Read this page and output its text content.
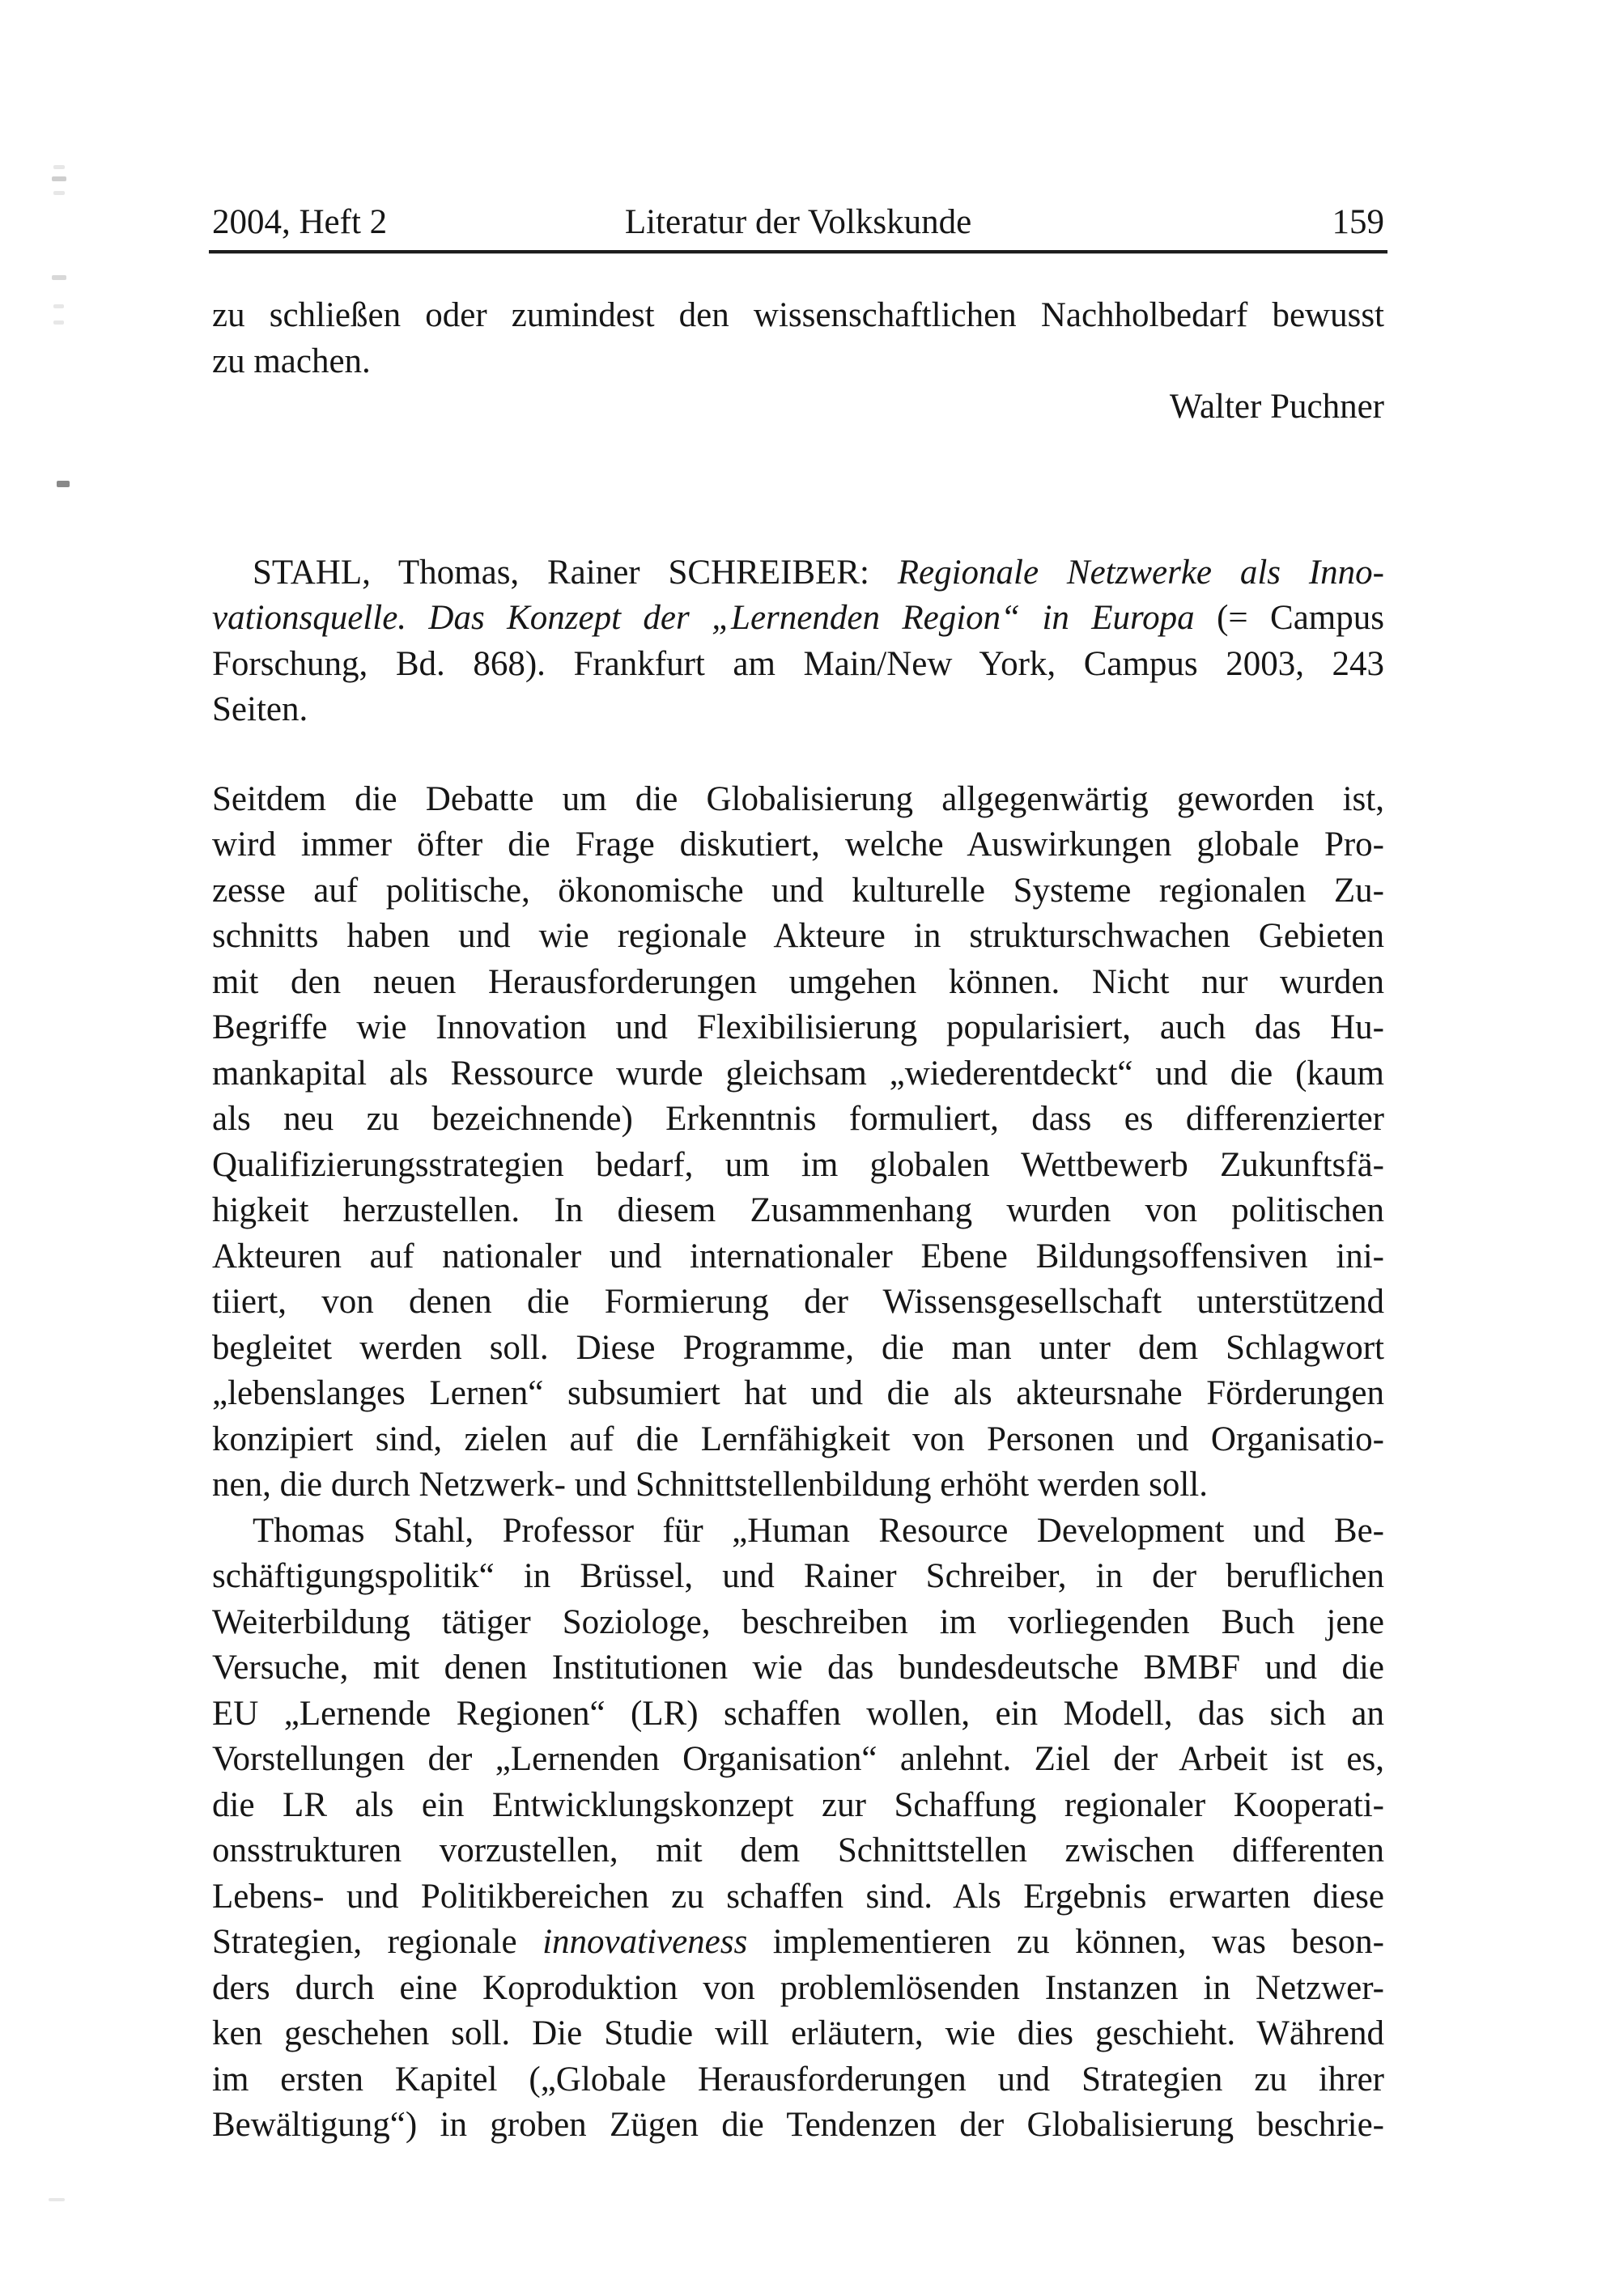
2004, Heft 2	Literatur der Volkskunde	159
zu schließen oder zumindest den wissenschaftlichen Nachholbedarf bewusst
zu machen.
Walter Puchner
STAHL, Thomas, Rainer SCHREIBER: Regionale Netzwerke als Inno-
vationsquelle. Das Konzept der „Lernenden Region“ in Europa (= Campus
Forschung, Bd. 868). Frankfurt am Main/New York, Campus 2003, 243
Seiten.
Seitdem die Debatte um die Globalisierung allgegenwärtig geworden ist,
wird immer öfter die Frage diskutiert, welche Auswirkungen globale Pro-
zesse auf politische, ökonomische und kulturelle Systeme regionalen Zu-
schnitts haben und wie regionale Akteure in strukturschwachen Gebieten
mit den neuen Herausforderungen umgehen können. Nicht nur wurden
Begriffe wie Innovation und Flexibilisierung popularisiert, auch das Hu-
mankapital als Ressource wurde gleichsam „wiederentdeckt“ und die (kaum
als neu zu bezeichnende) Erkenntnis formuliert, dass es differenzierter
Qualifizierungsstrategien bedarf, um im globalen Wettbewerb Zukunftsfä-
higkeit herzustellen. In diesem Zusammenhang wurden von politischen
Akteuren auf nationaler und internationaler Ebene Bildungsoffensiven ini-
tiiert, von denen die Formierung der Wissensgesellschaft unterstützend
begleitet werden soll. Diese Programme, die man unter dem Schlagwort
„lebenslanges Lernen“ subsumiert hat und die als akteursnahe Förderungen
konzipiert sind, zielen auf die Lernfähigkeit von Personen und Organisatio-
nen, die durch Netzwerk- und Schnittstellenbildung erhöht werden soll.
Thomas Stahl, Professor für „Human Resource Development und Be-
schäftigungspolitik“ in Brüssel, und Rainer Schreiber, in der beruflichen
Weiterbildung tätiger Soziologe, beschreiben im vorliegenden Buch jene
Versuche, mit denen Institutionen wie das bundesdeutsche BMBF und die
EU „Lernende Regionen“ (LR) schaffen wollen, ein Modell, das sich an
Vorstellungen der „Lernenden Organisation“ anlehnt. Ziel der Arbeit ist es,
die LR als ein Entwicklungskonzept zur Schaffung regionaler Kooperati-
onsstrukturen vorzustellen, mit dem Schnittstellen zwischen differenten
Lebens- und Politikbereichen zu schaffen sind. Als Ergebnis erwarten diese
Strategien, regionale innovativeness implementieren zu können, was beson-
ders durch eine Koproduktion von problemlösenden Instanzen in Netzwer-
ken geschehen soll. Die Studie will erläutern, wie dies geschieht. Während
im ersten Kapitel („Globale Herausforderungen und Strategien zu ihrer
Bewältigung“) in groben Zügen die Tendenzen der Globalisierung beschrie-
